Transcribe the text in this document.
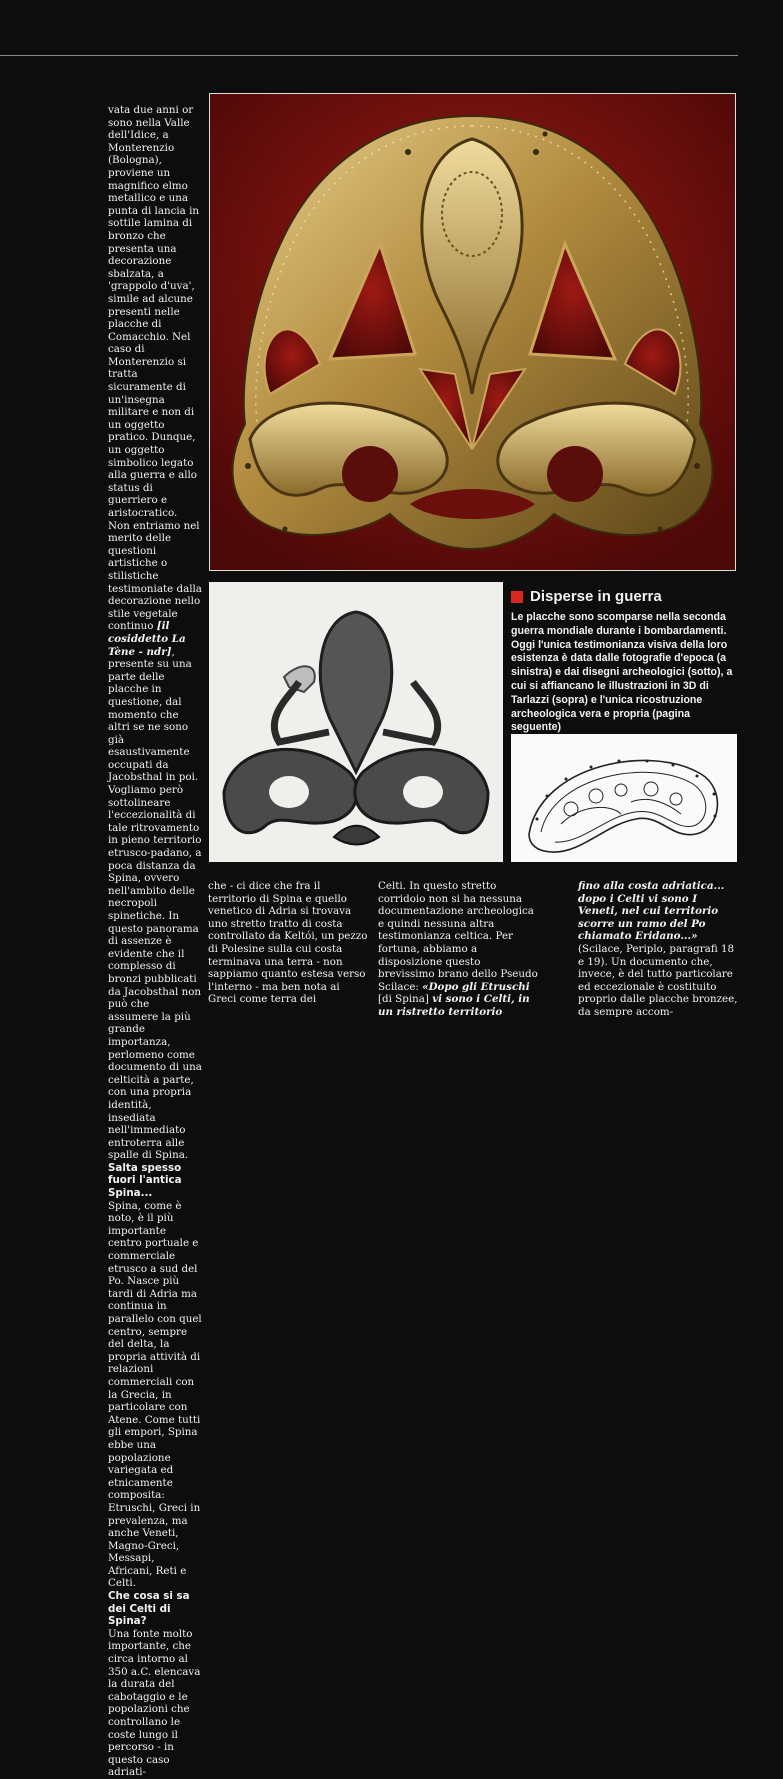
vata due anni or sono nella Valle dell'Idice, a Monterenzio (Bologna), proviene un magnifico elmo metallico e una punta di lancia in sottile lamina di bronzo che presenta una decorazione sbalzata, a 'grappolo d'uva', simile ad alcune presenti nelle placche di Comacchio. Nel caso di Monterenzio si tratta sicuramente di un'insegna militare e non di un oggetto pratico. Dunque, un oggetto simbolico legato alla guerra e allo status di guerriero e aristocratico.

Non entriamo nel merito delle questioni artistiche o stilistiche testimoniate dalla decorazione nello stile vegetale continuo [il cosiddetto La Tène - ndr], presente su una parte delle placche in questione, dal momento che altri se ne sono già esaustivamente occupati da Jacobsthal in poi. Vogliamo però sottolineare l'eccezionalità di tale ritrovamento in pieno territorio etrusco-padano, a poca distanza da Spina, ovvero nell'ambito delle necropoli spinetiche. In questo panorama di assenze è evidente che il complesso di bronzi pubblicati da Jacobsthal non può che assumere la più grande importanza, perlomeno come documento di una celticità a parte, con una propria identità, insediata nell'immediato entroterra alle spalle di Spina.

Salta spesso fuori l'antica Spina...

Spina, come è noto, è il più importante centro portuale e commerciale etrusco a sud del Po. Nasce più tardi di Adria ma continua in parallelo con quel centro, sempre del delta, la propria attività di relazioni commerciali con la Grecia, in particolare con Atene. Come tutti gli empori, Spina ebbe una popolazione variegata ed etnicamente composita: Etruschi, Greci in prevalenza, ma anche Veneti, Magno-Greci, Messapi, Africani, Reti e Celti.

Che cosa si sa dei Celti di Spina?

Una fonte molto importante, che circa intorno al 350 a.C. elencava la durata del cabotaggio e le popolazioni che controllano le coste lungo il percorso - in questo caso adriati-

Disperse in guerra
Le placche sono scomparse nella seconda guerra mondiale durante i bombardamenti. Oggi l'unica testimonianza visiva della loro esistenza è data dalle fotografie d'epoca (a sinistra) e dai disegni archeologici (sotto), a cui si affiancano le illustrazioni in 3D di Tarlazzi (sopra) e l'unica ricostruzione archeologica vera e propria (pagina seguente)

che - ci dice che fra il territorio di Spina e quello venetico di Adria si trovava uno stretto tratto di costa controllato da Keltói, un pezzo di Polesine sulla cui costa terminava una terra - non sappiamo quanto estesa verso l'interno - ma ben nota ai Greci come terra dei

Celti. In questo stretto corridoio non si ha nessuna documentazione archeologica e quindi nessuna altra testimonianza celtica. Per fortuna, abbiamo a disposizione questo brevissimo brano dello Pseudo Scilace: «Dopo gli Etruschi [di Spina] vi sono i Celti, in un ristretto territorio

fino alla costa adriatica... dopo i Celti vi sono I Veneti, nel cui territorio scorre un ramo del Po chiamato Eridano...» (Scilace, Periplo, paragrafi 18 e 19). Un documento che, invece, è del tutto particolare ed eccezionale è costituito proprio dalle placche bronzee, da sempre accom-
